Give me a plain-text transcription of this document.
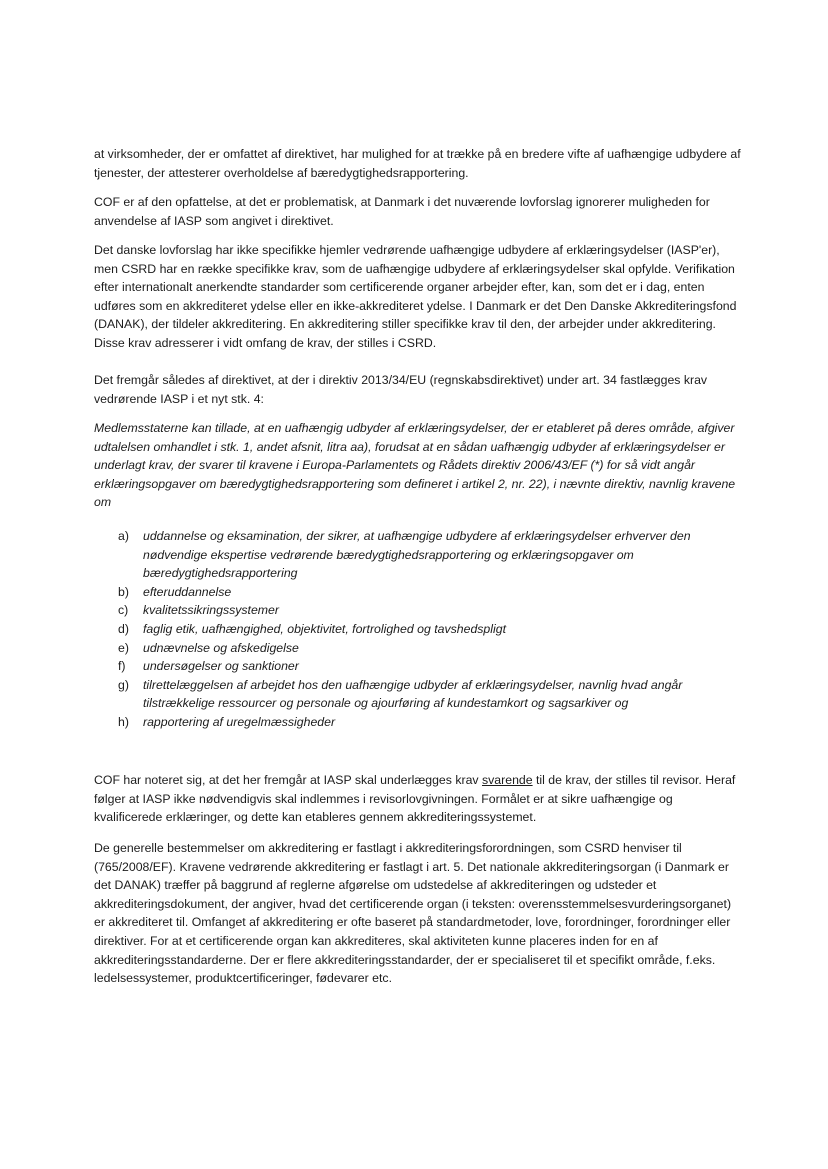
at virksomheder, der er omfattet af direktivet, har mulighed for at trække på en bredere vifte af uafhængige udbydere af tjenester, der attesterer overholdelse af bæredygtighedsrapportering.

COF er af den opfattelse, at det er problematisk, at Danmark i det nuværende lovforslag ignorerer muligheden for anvendelse af IASP som angivet i direktivet.

Det danske lovforslag har ikke specifikke hjemler vedrørende uafhængige udbydere af erklæringsydelser (IASP'er), men CSRD har en række specifikke krav, som de uafhængige udbydere af erklæringsydelser skal opfylde. Verifikation efter internationalt anerkendte standarder som certificerende organer arbejder efter, kan, som det er i dag, enten udføres som en akkrediteret ydelse eller en ikke-akkrediteret ydelse. I Danmark er det Den Danske Akkrediteringsfond (DANAK), der tildeler akkreditering. En akkreditering stiller specifikke krav til den, der arbejder under akkreditering. Disse krav adresserer i vidt omfang de krav, der stilles i CSRD.

Det fremgår således af direktivet, at der i direktiv 2013/34/EU (regnskabsdirektivet) under art. 34 fastlægges krav vedrørende IASP i et nyt stk. 4:

Medlemsstaterne kan tillade, at en uafhængig udbyder af erklæringsydelser, der er etableret på deres område, afgiver udtalelsen omhandlet i stk. 1, andet afsnit, litra aa), forudsat at en sådan uafhængig udbyder af erklæringsydelser er underlagt krav, der svarer til kravene i Europa-Parlamentets og Rådets direktiv 2006/43/EF (*) for så vidt angår erklæringsopgaver om bæredygtighedsrapportering som defineret i artikel 2, nr. 22), i nævnte direktiv, navnlig kravene om

a) uddannelse og eksamination, der sikrer, at uafhængige udbydere af erklæringsydelser erhverver den nødvendige ekspertise vedrørende bæredygtighedsrapportering og erklæringsopgaver om bæredygtighedsrapportering
b) efteruddannelse
c) kvalitetssikringssystemer
d) faglig etik, uafhængighed, objektivitet, fortrolighed og tavshedspligt
e) udnævnelse og afskedigelse
f) undersøgelser og sanktioner
g) tilrettelæggelsen af arbejdet hos den uafhængige udbyder af erklæringsydelser, navnlig hvad angår tilstrækkelige ressourcer og personale og ajourføring af kundestamkort og sagsarkiver og
h) rapportering af uregelmæssigheder

COF har noteret sig, at det her fremgår at IASP skal underlægges krav svarende til de krav, der stilles til revisor. Heraf følger at IASP ikke nødvendigvis skal indlemmes i revisorlovgivningen. Formålet er at sikre uafhængige og kvalificerede erklæringer, og dette kan etableres gennem akkrediteringssystemet.

De generelle bestemmelser om akkreditering er fastlagt i akkrediteringsforordningen, som CSRD henviser til (765/2008/EF). Kravene vedrørende akkreditering er fastlagt i art. 5. Det nationale akkrediteringsorgan (i Danmark er det DANAK) træffer på baggrund af reglerne afgørelse om udstedelse af akkrediteringen og udsteder et akkrediteringsdokument, der angiver, hvad det certificerende organ (i teksten: overensstemmelsesvurderingsorganet) er akkrediteret til. Omfanget af akkreditering er ofte baseret på standardmetoder, love, forordninger, forordninger eller direktiver. For at et certificerende organ kan akkrediteres, skal aktiviteten kunne placeres inden for en af akkrediteringsstandarderne. Der er flere akkrediteringsstandarder, der er specialiseret til et specifikt område, f.eks. ledelsessystemer, produktcertificeringer, fødevarer etc.
